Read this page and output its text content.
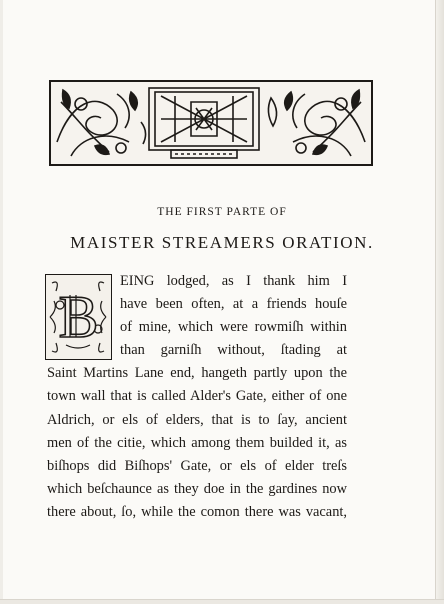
THE FIRST PARTE OF
MAISTER STREAMERS ORATION.
B
EING lodged, as I thank him I
have been often, at a friends houſe
of mine, which were rowmiſh within
than garniſh without, ſtading at
Saint Martins Lane end, hangeth partly upon the
town wall that is called Alder's Gate, either of one
Aldrich, or els of elders, that is to ſay, ancient
men of the citie, which among them builded it, as
biſhops did Biſhops' Gate, or els of elder treſs
which beſchaunce as they doe in the gardines now
there about, ſo, while the comon there was vacant,
